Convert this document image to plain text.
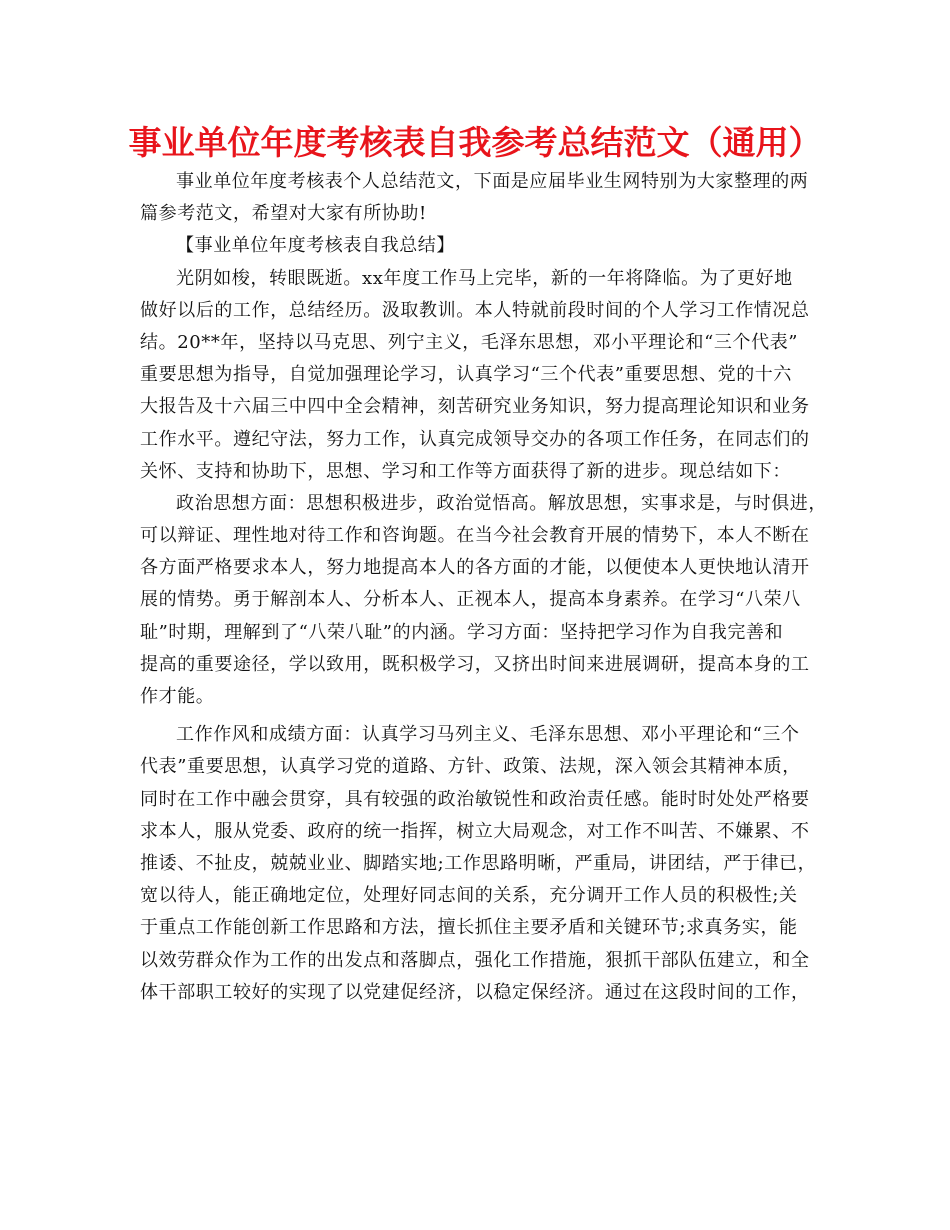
事业单位年度考核表自我参考总结范文（通用）
事业单位年度考核表个人总结范文，下面是应届毕业生网特别为大家整理的两
篇参考范文，希望对大家有所协助!
【事业单位年度考核表自我总结】
光阴如梭，转眼既逝。xx年度工作马上完毕，新的一年将降临。为了更好地
做好以后的工作，总结经历。汲取教训。本人特就前段时间的个人学习工作情况总
结。20**年，坚持以马克思、列宁主义，毛泽东思想，邓小平理论和“三个代表”
重要思想为指导，自觉加强理论学习，认真学习“三个代表”重要思想、党的十六
大报告及十六届三中四中全会精神，刻苦研究业务知识，努力提高理论知识和业务
工作水平。遵纪守法，努力工作，认真完成领导交办的各项工作任务，在同志们的
关怀、支持和协助下，思想、学习和工作等方面获得了新的进步。现总结如下：
政治思想方面：思想积极进步，政治觉悟高。解放思想，实事求是，与时俱进，
可以辩证、理性地对待工作和咨询题。在当今社会教育开展的情势下，本人不断在
各方面严格要求本人，努力地提高本人的各方面的才能，以便使本人更快地认清开
展的情势。勇于解剖本人、分析本人、正视本人，提高本身素养。在学习“八荣八
耻”时期，理解到了“八荣八耻”的内涵。学习方面：坚持把学习作为自我完善和
提高的重要途径，学以致用，既积极学习，又挤出时间来进展调研，提高本身的工
作才能。
工作作风和成绩方面：认真学习马列主义、毛泽东思想、邓小平理论和“三个
代表”重要思想，认真学习党的道路、方针、政策、法规，深入领会其精神本质，
同时在工作中融会贯穿，具有较强的政治敏锐性和政治责任感。能时时处处严格要
求本人，服从党委、政府的统一指挥，树立大局观念，对工作不叫苦、不嫌累、不
推诿、不扯皮，兢兢业业、脚踏实地;工作思路明晰，严重局，讲团结，严于律已，
宽以待人，能正确地定位，处理好同志间的关系，充分调开工作人员的积极性;关
于重点工作能创新工作思路和方法，擅长抓住主要矛盾和关键环节;求真务实，能
以效劳群众作为工作的出发点和落脚点，强化工作措施，狠抓干部队伍建立，和全
体干部职工较好的实现了以党建促经济，以稳定保经济。通过在这段时间的工作，
